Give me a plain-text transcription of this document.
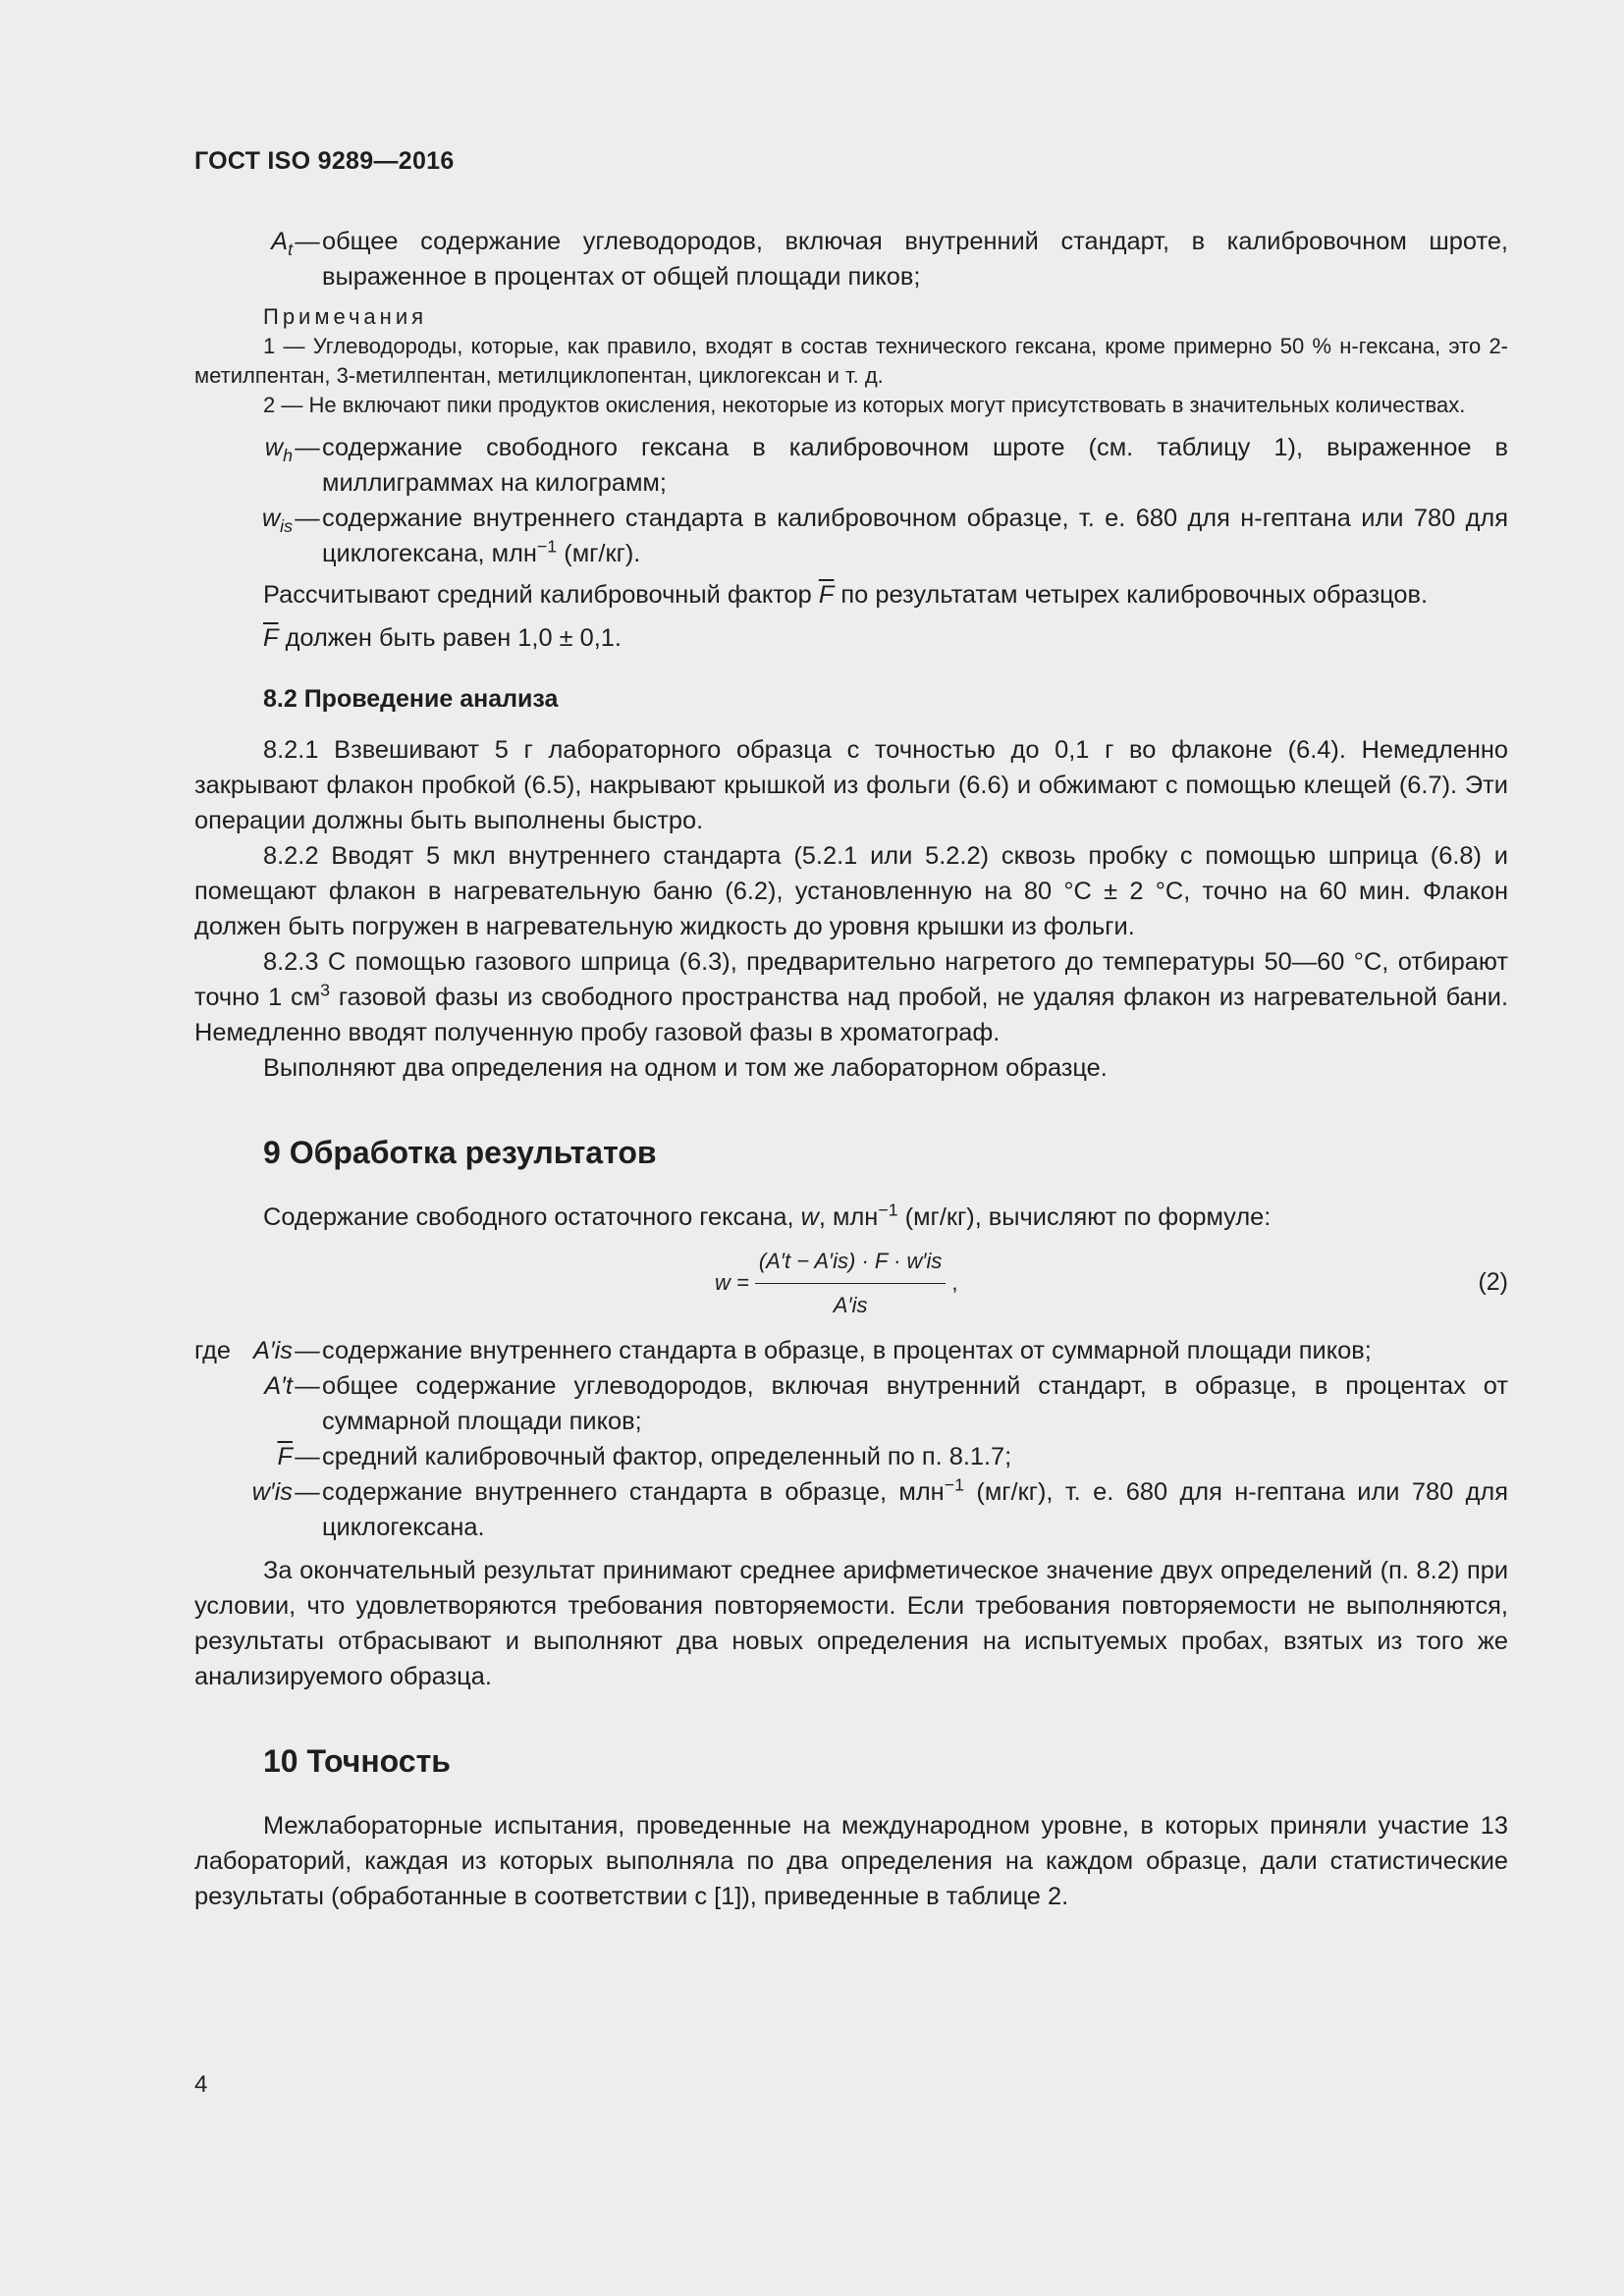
ГОСТ ISO 9289—2016
$A_t$ — общее содержание углеводородов, включая внутренний стандарт, в калибровочном шроте, выраженное в процентах от общей площади пиков;
Примечания

1 — Углеводороды, которые, как правило, входят в состав технического гексана, кроме примерно 50 % н-гексана, это 2-метилпентан, 3-метилпентан, метилциклопентан, циклогексан и т. д.

2 — Не включают пики продуктов окисления, некоторые из которых могут присутствовать в значительных количествах.

$w_h$ — содержание свободного гексана в калибровочном шроте (см. таблицу 1), выраженное в миллиграммах на килограмм;
$w_{is}$ — содержание внутреннего стандарта в калибровочном образце, т. е. 680 для н-гептана или 780 для циклогексана, млн$^{-1}$ (мг/кг).

Рассчитывают средний калибровочный фактор $\overline{F}$ по результатам четырех калибровочных образцов.

$\overline{F}$ должен быть равен 1,0 ± 0,1.

8.2 Проведение анализа

8.2.1 Взвешивают 5 г лабораторного образца с точностью до 0,1 г во флаконе (6.4). Немедленно закрывают флакон пробкой (6.5), накрывают крышкой из фольги (6.6) и обжимают с помощью клещей (6.7). Эти операции должны быть выполнены быстро.

8.2.2 Вводят 5 мкл внутреннего стандарта (5.2.1 или 5.2.2) сквозь пробку с помощью шприца (6.8) и помещают флакон в нагревательную баню (6.2), установленную на 80 °С ± 2 °С, точно на 60 мин. Флакон должен быть погружен в нагревательную жидкость до уровня крышки из фольги.

8.2.3 С помощью газового шприца (6.3), предварительно нагретого до температуры 50—60 °С, отбирают точно 1 $см^3$ газовой фазы из свободного пространства над пробой, не удаляя флакон из нагревательной бани. Немедленно вводят полученную пробу газовой фазы в хроматограф.

Выполняют два определения на одном и том же лабораторном образце.

9 Обработка результатов

Содержание свободного остаточного гексана, w, млн$^{-1}$ (мг/кг), вычисляют по формуле:

$w = \frac{(A't - A'is) \cdot F \cdot w'is}{A'is}$ ,	(2)
где A′is — содержание внутреннего стандарта в образце, в процентах от суммарной площади пиков;
A′t — общее содержание углеводородов, включая внутренний стандарт, в образце, в процентах от суммарной площади пиков;
$\overline{F}$ — средний калибровочный фактор, определенный по п. 8.1.7;
w′is — содержание внутреннего стандарта в образце, млн$^{-1}$ (мг/кг), т. е. 680 для н-гептана или 780 для циклогексана.

За окончательный результат принимают среднее арифметическое значение двух определений (п. 8.2) при условии, что удовлетворяются требования повторяемости. Если требования повторяемости не выполняются, результаты отбрасывают и выполняют два новых определения на испытуемых пробах, взятых из того же анализируемого образца.

10 Точность

Межлабораторные испытания, проведенные на международном уровне, в которых приняли участие 13 лабораторий, каждая из которых выполняла по два определения на каждом образце, дали статистические результаты (обработанные в соответствии с [1]), приведенные в таблице 2.

4
